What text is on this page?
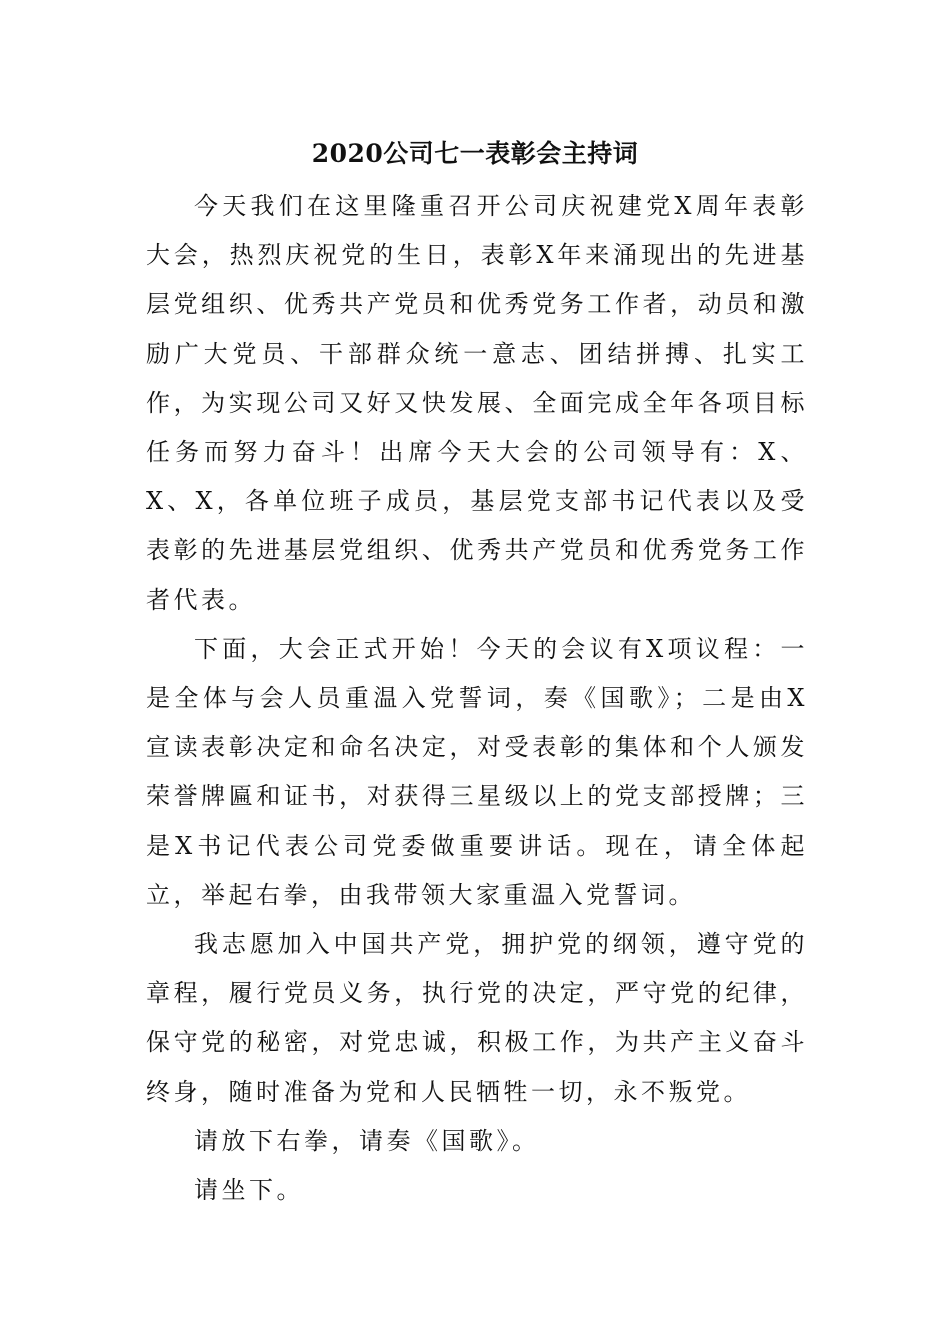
2020公司七一表彰会主持词

今天我们在这里隆重召开公司庆祝建党X周年表彰大会，热烈庆祝党的生日，表彰X年来涌现出的先进基层党组织、优秀共产党员和优秀党务工作者，动员和激励广大党员、干部群众统一意志、团结拼搏、扎实工作，为实现公司又好又快发展、全面完成全年各项目标任务而努力奋斗！出席今天大会的公司领导有：X、X、X，各单位班子成员，基层党支部书记代表以及受表彰的先进基层党组织、优秀共产党员和优秀党务工作者代表。

下面，大会正式开始！今天的会议有X项议程：一是全体与会人员重温入党誓词，奏《国歌》；二是由X宣读表彰决定和命名决定，对受表彰的集体和个人颁发荣誉牌匾和证书，对获得三星级以上的党支部授牌；三是X书记代表公司党委做重要讲话。现在，请全体起立，举起右拳，由我带领大家重温入党誓词。

我志愿加入中国共产党，拥护党的纲领，遵守党的章程，履行党员义务，执行党的决定，严守党的纪律，保守党的秘密，对党忠诚，积极工作，为共产主义奋斗终身，随时准备为党和人民牺牲一切，永不叛党。

请放下右拳，请奏《国歌》。

请坐下。
